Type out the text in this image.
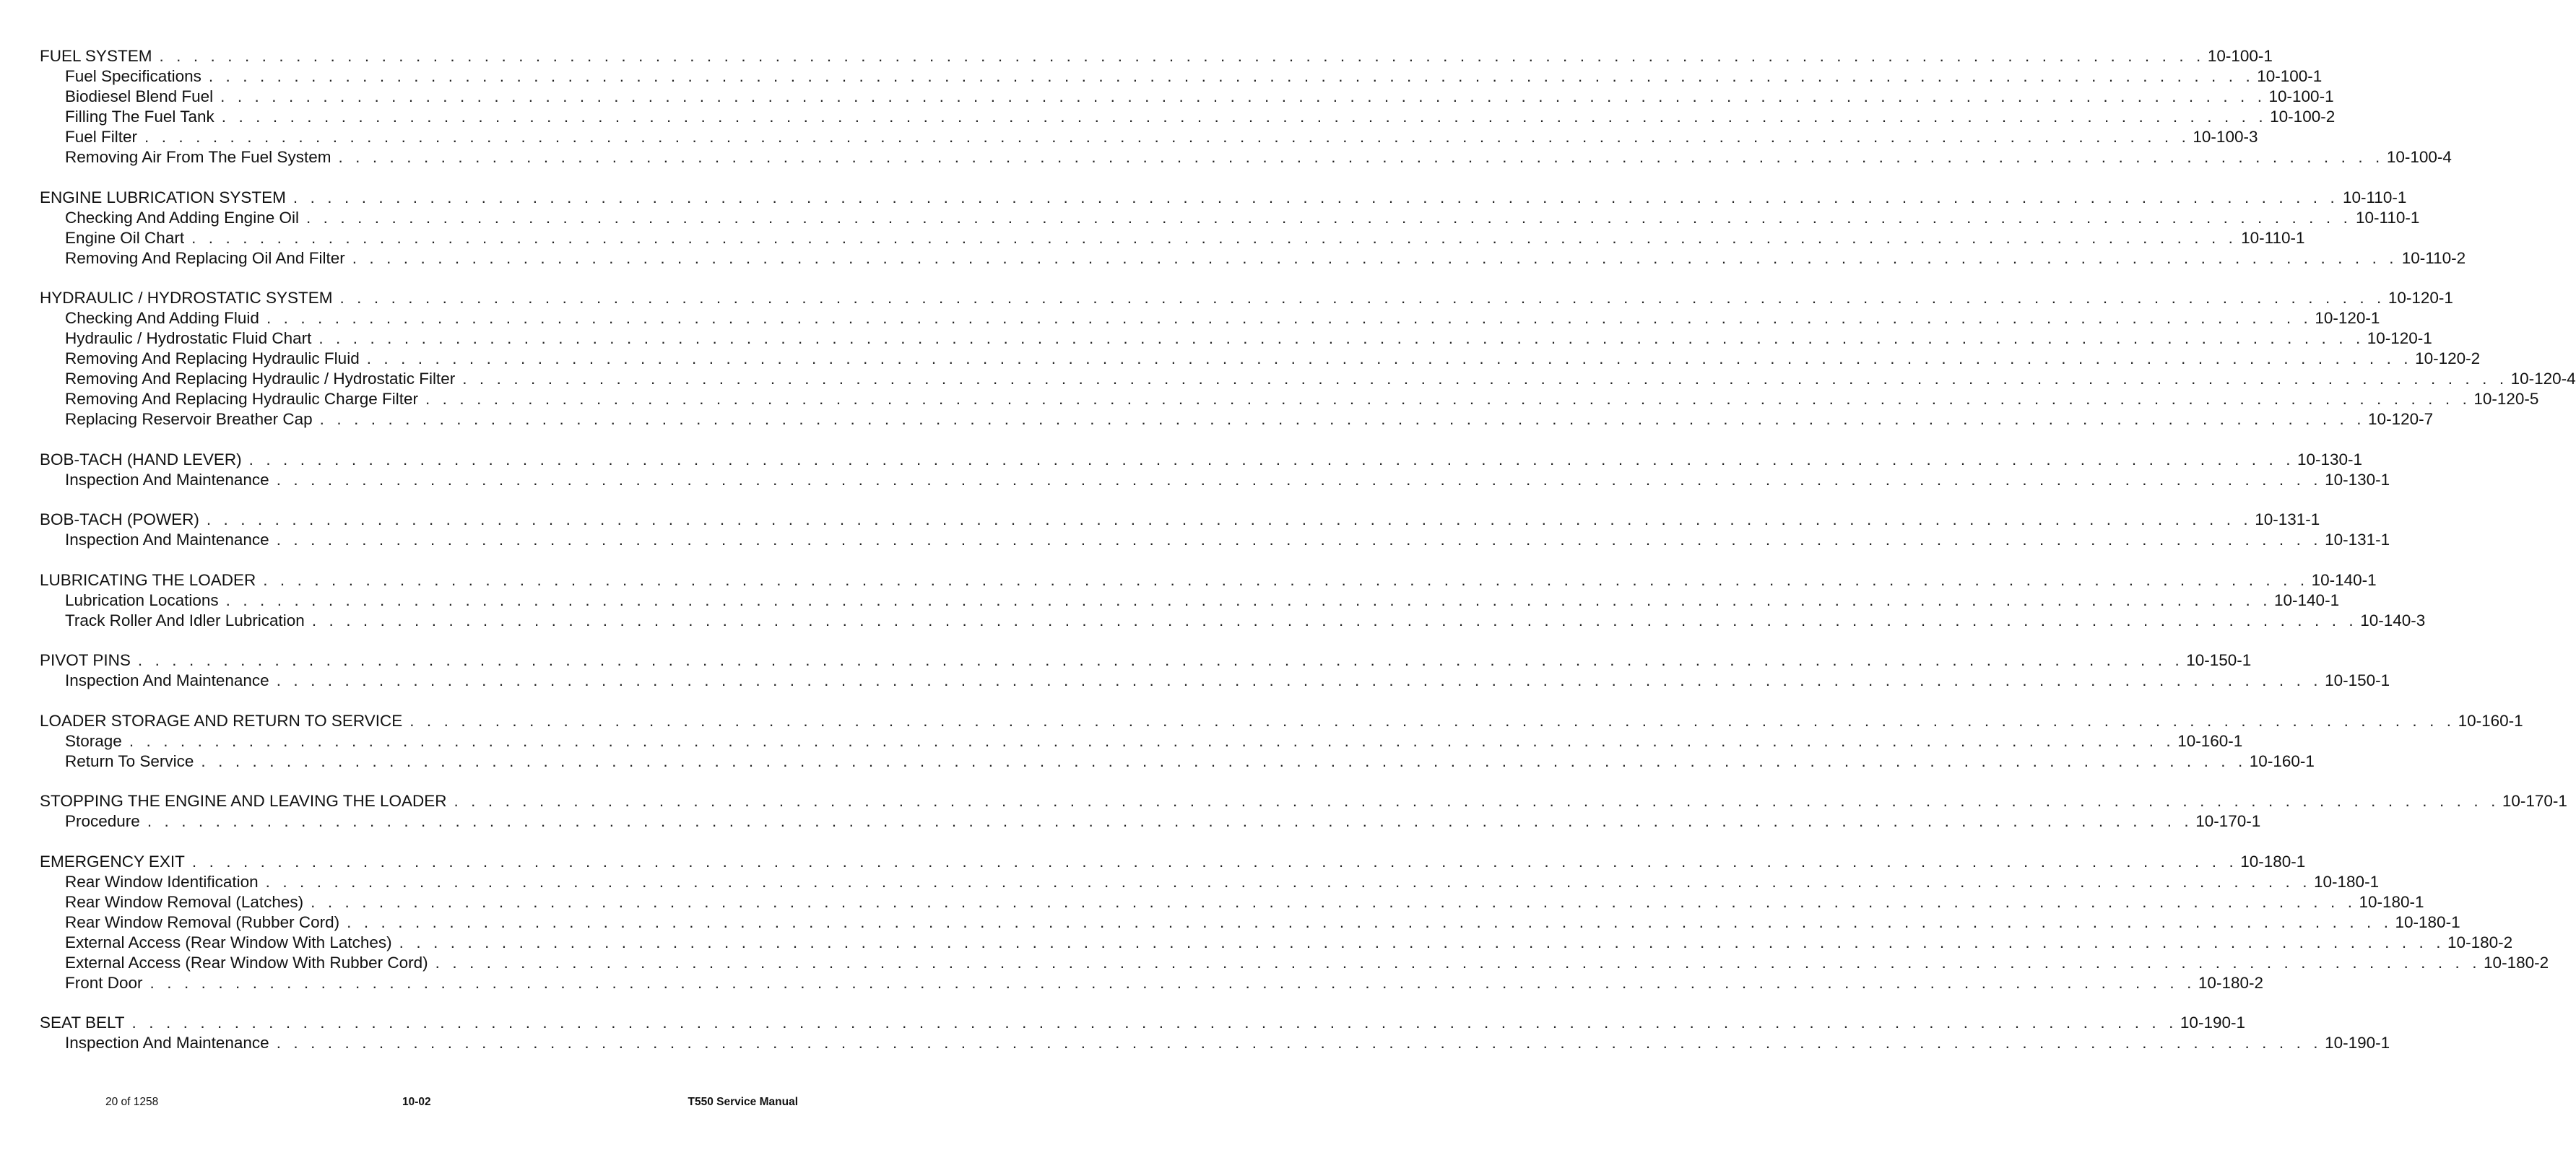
FUEL SYSTEM . . . . . . . . . . . . . . . . . . . . . . . . . . . . . . . . . . . . . . . . . . . . . . . . . . . . . . . . . . . . . . . . . . . . . . . . . . . . . . . . . . . . . . . . . . . . . . . . . . . . . . . . . . . . . . . . . . . . . . . . 10-100-1
Fuel Specifications . . . . . . . . . . . . . . . . . . . . . . . . . . . . . . . . . . . . . . . . . . . . . . . . . . . . . . . . . . . . . . . . . . . . . . . . . . . . . . . . . . . . . . . . . . . . . . . . . . . . . . . . . . . . . . . . . . . . . . . . 10-100-1
Biodiesel Blend Fuel . . . . . . . . . . . . . . . . . . . . . . . . . . . . . . . . . . . . . . . . . . . . . . . . . . . . . . . . . . . . . . . . . . . . . . . . . . . . . . . . . . . . . . . . . . . . . . . . . . . . . . . . . . . . . . . . . . . . . . . . 10-100-1
Filling The Fuel Tank . . . . . . . . . . . . . . . . . . . . . . . . . . . . . . . . . . . . . . . . . . . . . . . . . . . . . . . . . . . . . . . . . . . . . . . . . . . . . . . . . . . . . . . . . . . . . . . . . . . . . . . . . . . . . . . . . . . . . . . . 10-100-2
Fuel Filter . . . . . . . . . . . . . . . . . . . . . . . . . . . . . . . . . . . . . . . . . . . . . . . . . . . . . . . . . . . . . . . . . . . . . . . . . . . . . . . . . . . . . . . . . . . . . . . . . . . . . . . . . . . . . . . . . . . . . . . . 10-100-3
Removing Air From The Fuel System . . . . . . . . . . . . . . . . . . . . . . . . . . . . . . . . . . . . . . . . . . . . . . . . . . . . . . . . . . . . . . . . . . . . . . . . . . . . . . . . . . . . . . . . . . . . . . . . . . . . . . . . . . . . . . . . . . . . . . . . 10-100-4
ENGINE LUBRICATION SYSTEM . . . . . . . . . . . . . . . . . . . . . . . . . . . . . . . . . . . . . . . . . . . . . . . . . . . . . . . . . . . . . . . . . . . . . . . . . . . . . . . . . . . . . . . . . . . . . . . . . . . . . . . . . . . . . . . . . . . . . . . . 10-110-1
Checking And Adding Engine Oil . . . . . . . . . . . . . . . . . . . . . . . . . . . . . . . . . . . . . . . . . . . . . . . . . . . . . . . . . . . . . . . . . . . . . . . . . . . . . . . . . . . . . . . . . . . . . . . . . . . . . . . . . . . . . . . . . . . . . . . . 10-110-1
Engine Oil Chart . . . . . . . . . . . . . . . . . . . . . . . . . . . . . . . . . . . . . . . . . . . . . . . . . . . . . . . . . . . . . . . . . . . . . . . . . . . . . . . . . . . . . . . . . . . . . . . . . . . . . . . . . . . . . . . . . . . . . . . . 10-110-1
Removing And Replacing Oil And Filter . . . . . . . . . . . . . . . . . . . . . . . . . . . . . . . . . . . . . . . . . . . . . . . . . . . . . . . . . . . . . . . . . . . . . . . . . . . . . . . . . . . . . . . . . . . . . . . . . . . . . . . . . . . . . . . . . . . . . . . . 10-110-2
HYDRAULIC / HYDROSTATIC SYSTEM . . . . . . . . . . . . . . . . . . . . . . . . . . . . . . . . . . . . . . . . . . . . . . . . . . . . . . . . . . . . . . . . . . . . . . . . . . . . . . . . . . . . . . . . . . . . . . . . . . . . . . . . . . . . . . . . . . . . . . . . 10-120-1
Checking And Adding Fluid . . . . . . . . . . . . . . . . . . . . . . . . . . . . . . . . . . . . . . . . . . . . . . . . . . . . . . . . . . . . . . . . . . . . . . . . . . . . . . . . . . . . . . . . . . . . . . . . . . . . . . . . . . . . . . . . . . . . . . . . 10-120-1
Hydraulic / Hydrostatic Fluid Chart . . . . . . . . . . . . . . . . . . . . . . . . . . . . . . . . . . . . . . . . . . . . . . . . . . . . . . . . . . . . . . . . . . . . . . . . . . . . . . . . . . . . . . . . . . . . . . . . . . . . . . . . . . . . . . . . . . . . . . . . 10-120-1
Removing And Replacing Hydraulic Fluid . . . . . . . . . . . . . . . . . . . . . . . . . . . . . . . . . . . . . . . . . . . . . . . . . . . . . . . . . . . . . . . . . . . . . . . . . . . . . . . . . . . . . . . . . . . . . . . . . . . . . . . . . . . . . . . . . . . . . . . . 10-120-2
Removing And Replacing Hydraulic / Hydrostatic Filter . . . . . . . . . . . . . . . . . . . . . . . . . . . . . . . . . . . . . . . . . . . . . . . . . . . . . . . . . . . . . . . . . . . . . . . . . . . . . . . . . . . . . . . . . . . . . . . . . . . . . . . . . . . . . . . . . . . . . . . . 10-120-4
Removing And Replacing Hydraulic Charge Filter . . . . . . . . . . . . . . . . . . . . . . . . . . . . . . . . . . . . . . . . . . . . . . . . . . . . . . . . . . . . . . . . . . . . . . . . . . . . . . . . . . . . . . . . . . . . . . . . . . . . . . . . . . . . . . . . . . . . . . . . 10-120-5
Replacing Reservoir Breather Cap . . . . . . . . . . . . . . . . . . . . . . . . . . . . . . . . . . . . . . . . . . . . . . . . . . . . . . . . . . . . . . . . . . . . . . . . . . . . . . . . . . . . . . . . . . . . . . . . . . . . . . . . . . . . . . . . . . . . . . . . 10-120-7
BOB-TACH (HAND LEVER) . . . . . . . . . . . . . . . . . . . . . . . . . . . . . . . . . . . . . . . . . . . . . . . . . . . . . . . . . . . . . . . . . . . . . . . . . . . . . . . . . . . . . . . . . . . . . . . . . . . . . . . . . . . . . . . . . . . . . . . . 10-130-1
Inspection And Maintenance . . . . . . . . . . . . . . . . . . . . . . . . . . . . . . . . . . . . . . . . . . . . . . . . . . . . . . . . . . . . . . . . . . . . . . . . . . . . . . . . . . . . . . . . . . . . . . . . . . . . . . . . . . . . . . . . . . . . . . . . 10-130-1
BOB-TACH (POWER) . . . . . . . . . . . . . . . . . . . . . . . . . . . . . . . . . . . . . . . . . . . . . . . . . . . . . . . . . . . . . . . . . . . . . . . . . . . . . . . . . . . . . . . . . . . . . . . . . . . . . . . . . . . . . . . . . . . . . . . . 10-131-1
Inspection And Maintenance . . . . . . . . . . . . . . . . . . . . . . . . . . . . . . . . . . . . . . . . . . . . . . . . . . . . . . . . . . . . . . . . . . . . . . . . . . . . . . . . . . . . . . . . . . . . . . . . . . . . . . . . . . . . . . . . . . . . . . . . 10-131-1
LUBRICATING THE LOADER . . . . . . . . . . . . . . . . . . . . . . . . . . . . . . . . . . . . . . . . . . . . . . . . . . . . . . . . . . . . . . . . . . . . . . . . . . . . . . . . . . . . . . . . . . . . . . . . . . . . . . . . . . . . . . . . . . . . . . . . 10-140-1
Lubrication Locations . . . . . . . . . . . . . . . . . . . . . . . . . . . . . . . . . . . . . . . . . . . . . . . . . . . . . . . . . . . . . . . . . . . . . . . . . . . . . . . . . . . . . . . . . . . . . . . . . . . . . . . . . . . . . . . . . . . . . . . . 10-140-1
Track Roller And Idler Lubrication . . . . . . . . . . . . . . . . . . . . . . . . . . . . . . . . . . . . . . . . . . . . . . . . . . . . . . . . . . . . . . . . . . . . . . . . . . . . . . . . . . . . . . . . . . . . . . . . . . . . . . . . . . . . . . . . . . . . . . . . 10-140-3
PIVOT PINS . . . . . . . . . . . . . . . . . . . . . . . . . . . . . . . . . . . . . . . . . . . . . . . . . . . . . . . . . . . . . . . . . . . . . . . . . . . . . . . . . . . . . . . . . . . . . . . . . . . . . . . . . . . . . . . . . . . . . . . . 10-150-1
Inspection And Maintenance . . . . . . . . . . . . . . . . . . . . . . . . . . . . . . . . . . . . . . . . . . . . . . . . . . . . . . . . . . . . . . . . . . . . . . . . . . . . . . . . . . . . . . . . . . . . . . . . . . . . . . . . . . . . . . . . . . . . . . . . 10-150-1
LOADER STORAGE AND RETURN TO SERVICE . . . . . . . . . . . . . . . . . . . . . . . . . . . . . . . . . . . . . . . . . . . . . . . . . . . . . . . . . . . . . . . . . . . . . . . . . . . . . . . . . . . . . . . . . . . . . . . . . . . . . . . . . . . . . . . . . . . . . . . . 10-160-1
Storage . . . . . . . . . . . . . . . . . . . . . . . . . . . . . . . . . . . . . . . . . . . . . . . . . . . . . . . . . . . . . . . . . . . . . . . . . . . . . . . . . . . . . . . . . . . . . . . . . . . . . . . . . . . . . . . . . . . . . . . . 10-160-1
Return To Service . . . . . . . . . . . . . . . . . . . . . . . . . . . . . . . . . . . . . . . . . . . . . . . . . . . . . . . . . . . . . . . . . . . . . . . . . . . . . . . . . . . . . . . . . . . . . . . . . . . . . . . . . . . . . . . . . . . . . . . . 10-160-1
STOPPING THE ENGINE AND LEAVING THE LOADER . . . . . . . . . . . . . . . . . . . . . . . . . . . . . . . . . . . . . . . . . . . . . . . . . . . . . . . . . . . . . . . . . . . . . . . . . . . . . . . . . . . . . . . . . . . . . . . . . . . . . . . . . . . . . . . . . . . . . . . . 10-170-1
Procedure . . . . . . . . . . . . . . . . . . . . . . . . . . . . . . . . . . . . . . . . . . . . . . . . . . . . . . . . . . . . . . . . . . . . . . . . . . . . . . . . . . . . . . . . . . . . . . . . . . . . . . . . . . . . . . . . . . . . . . . . 10-170-1
EMERGENCY EXIT . . . . . . . . . . . . . . . . . . . . . . . . . . . . . . . . . . . . . . . . . . . . . . . . . . . . . . . . . . . . . . . . . . . . . . . . . . . . . . . . . . . . . . . . . . . . . . . . . . . . . . . . . . . . . . . . . . . . . . . . 10-180-1
Rear Window Identification . . . . . . . . . . . . . . . . . . . . . . . . . . . . . . . . . . . . . . . . . . . . . . . . . . . . . . . . . . . . . . . . . . . . . . . . . . . . . . . . . . . . . . . . . . . . . . . . . . . . . . . . . . . . . . . . . . . . . . . . 10-180-1
Rear Window Removal (Latches) . . . . . . . . . . . . . . . . . . . . . . . . . . . . . . . . . . . . . . . . . . . . . . . . . . . . . . . . . . . . . . . . . . . . . . . . . . . . . . . . . . . . . . . . . . . . . . . . . . . . . . . . . . . . . . . . . . . . . . . . 10-180-1
Rear Window Removal (Rubber Cord) . . . . . . . . . . . . . . . . . . . . . . . . . . . . . . . . . . . . . . . . . . . . . . . . . . . . . . . . . . . . . . . . . . . . . . . . . . . . . . . . . . . . . . . . . . . . . . . . . . . . . . . . . . . . . . . . . . . . . . . . 10-180-1
External Access (Rear Window With Latches) . . . . . . . . . . . . . . . . . . . . . . . . . . . . . . . . . . . . . . . . . . . . . . . . . . . . . . . . . . . . . . . . . . . . . . . . . . . . . . . . . . . . . . . . . . . . . . . . . . . . . . . . . . . . . . . . . . . . . . . . 10-180-2
External Access (Rear Window With Rubber Cord) . . . . . . . . . . . . . . . . . . . . . . . . . . . . . . . . . . . . . . . . . . . . . . . . . . . . . . . . . . . . . . . . . . . . . . . . . . . . . . . . . . . . . . . . . . . . . . . . . . . . . . . . . . . . . . . . . . . . . . . . 10-180-2
Front Door . . . . . . . . . . . . . . . . . . . . . . . . . . . . . . . . . . . . . . . . . . . . . . . . . . . . . . . . . . . . . . . . . . . . . . . . . . . . . . . . . . . . . . . . . . . . . . . . . . . . . . . . . . . . . . . . . . . . . . . . 10-180-2
SEAT BELT . . . . . . . . . . . . . . . . . . . . . . . . . . . . . . . . . . . . . . . . . . . . . . . . . . . . . . . . . . . . . . . . . . . . . . . . . . . . . . . . . . . . . . . . . . . . . . . . . . . . . . . . . . . . . . . . . . . . . . . . 10-190-1
Inspection And Maintenance . . . . . . . . . . . . . . . . . . . . . . . . . . . . . . . . . . . . . . . . . . . . . . . . . . . . . . . . . . . . . . . . . . . . . . . . . . . . . . . . . . . . . . . . . . . . . . . . . . . . . . . . . . . . . . . . . . . . . . . . 10-190-1
20 of 1258	10-02	T550 Service Manual
